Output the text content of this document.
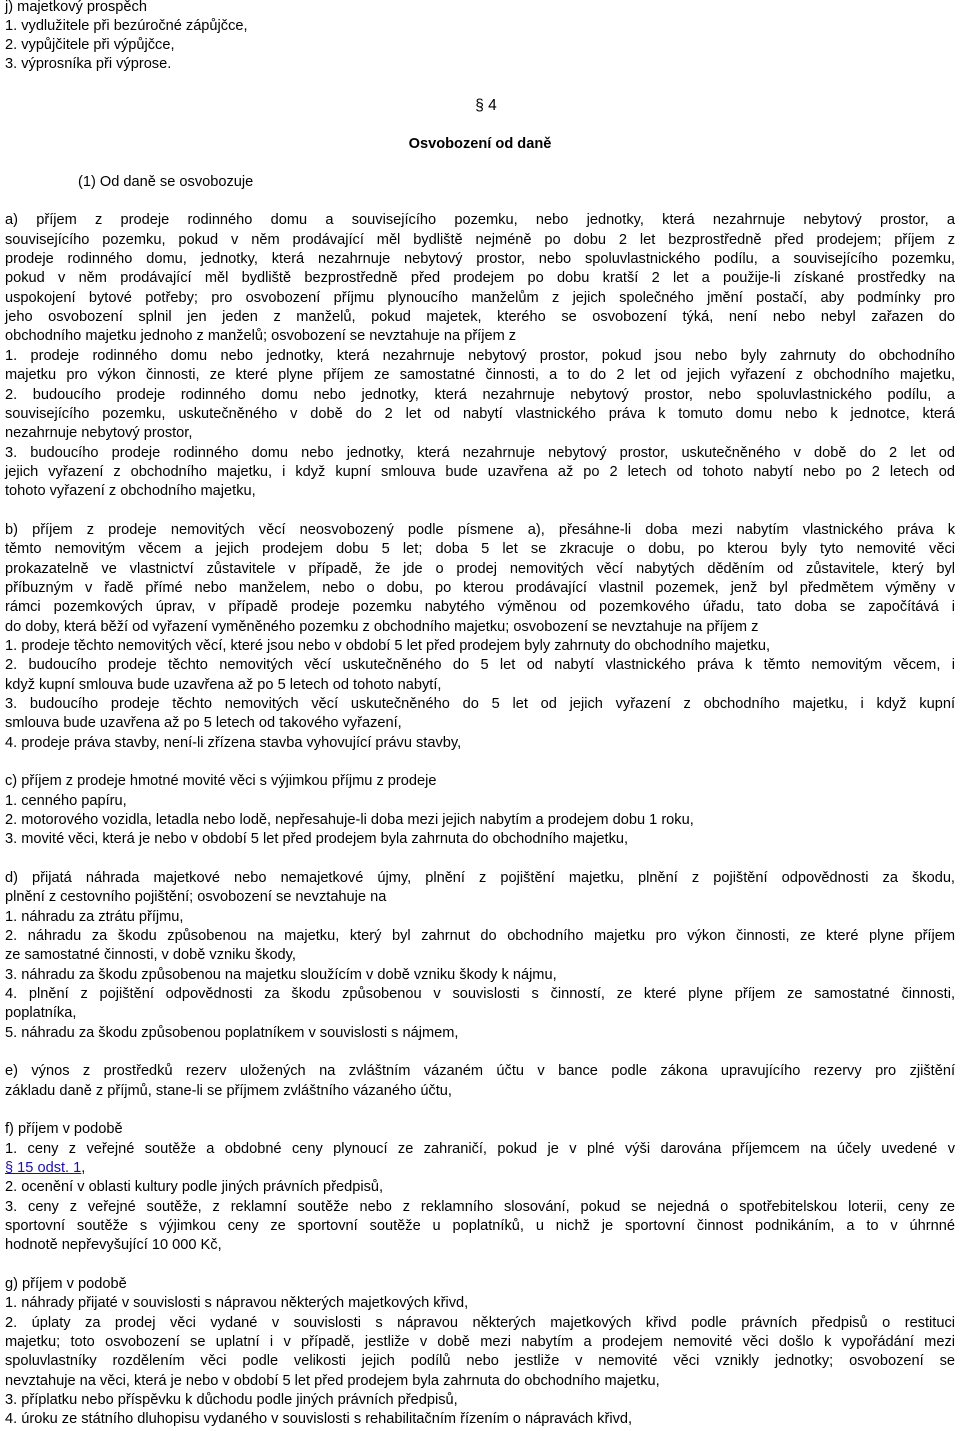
j) majetkový prospěch
1. vydlužitele při bezúročné zápůjčce,
2. vypůjčitele při výpůjčce,
3. výprosníka při výprose.
§ 4
Osvobození od daně
(1) Od daně se osvobozuje
a) příjem z prodeje rodinného domu a souvisejícího pozemku, nebo jednotky, která nezahrnuje nebytový prostor, a
souvisejícího pozemku, pokud v něm prodávající měl bydliště nejméně po dobu 2 let bezprostředně před prodejem; příjem z
prodeje rodinného domu, jednotky, která nezahrnuje nebytový prostor, nebo spoluvlastnického podílu, a souvisejícího pozemku,
pokud v něm prodávající měl bydliště bezprostředně před prodejem po dobu kratší 2 let a použije-li získané prostředky na
uspokojení bytové potřeby; pro osvobození příjmu plynoucího manželům z jejich společného jmění postačí, aby podmínky pro
jeho osvobození splnil jen jeden z manželů, pokud majetek, kterého se osvobození týká, není nebo nebyl zařazen do
obchodního majetku jednoho z manželů; osvobození se nevztahuje na příjem z
1. prodeje rodinného domu nebo jednotky, která nezahrnuje nebytový prostor, pokud jsou nebo byly zahrnuty do obchodního
majetku pro výkon činnosti, ze které plyne příjem ze samostatné činnosti, a to do 2 let od jejich vyřazení z obchodního majetku,
2. budoucího prodeje rodinného domu nebo jednotky, která nezahrnuje nebytový prostor, nebo spoluvlastnického podílu, a
souvisejícího pozemku, uskutečněného v době do 2 let od nabytí vlastnického práva k tomuto domu nebo k jednotce, která
nezahrnuje nebytový prostor,
3. budoucího prodeje rodinného domu nebo jednotky, která nezahrnuje nebytový prostor, uskutečněného v době do 2 let od
jejich vyřazení z obchodního majetku, i když kupní smlouva bude uzavřena až po 2 letech od tohoto nabytí nebo po 2 letech od
tohoto vyřazení z obchodního majetku,
b) příjem z prodeje nemovitých věcí neosvobozený podle písmene a), přesáhne-li doba mezi nabytím vlastnického práva k
těmto nemovitým věcem a jejich prodejem dobu 5 let; doba 5 let se zkracuje o dobu, po kterou byly tyto nemovité věci
prokazatelně ve vlastnictví zůstavitele v případě, že jde o prodej nemovitých věcí nabytých děděním od zůstavitele, který byl
příbuzným v řadě přímé nebo manželem, nebo o dobu, po kterou prodávající vlastnil pozemek, jenž byl předmětem výměny v
rámci pozemkových úprav, v případě prodeje pozemku nabytého výměnou od pozemkového úřadu, tato doba se započítává i
do doby, která běží od vyřazení vyměněného pozemku z obchodního majetku; osvobození se nevztahuje na příjem z
1. prodeje těchto nemovitých věcí, které jsou nebo v období 5 let před prodejem byly zahrnuty do obchodního majetku,
2. budoucího prodeje těchto nemovitých věcí uskutečněného do 5 let od nabytí vlastnického práva k těmto nemovitým věcem, i
když kupní smlouva bude uzavřena až po 5 letech od tohoto nabytí,
3. budoucího prodeje těchto nemovitých věcí uskutečněného do 5 let od jejich vyřazení z obchodního majetku, i když kupní
smlouva bude uzavřena až po 5 letech od takového vyřazení,
4. prodeje práva stavby, není-li zřízena stavba vyhovující právu stavby,
c) příjem z prodeje hmotné movité věci s výjimkou příjmu z prodeje
1. cenného papíru,
2. motorového vozidla, letadla nebo lodě, nepřesahuje-li doba mezi jejich nabytím a prodejem dobu 1 roku,
3. movité věci, která je nebo v období 5 let před prodejem byla zahrnuta do obchodního majetku,
d) přijatá náhrada majetkové nebo nemajetkové újmy, plnění z pojištění majetku, plnění z pojištění odpovědnosti za škodu,
plnění z cestovního pojištění; osvobození se nevztahuje na
1. náhradu za ztrátu příjmu,
2. náhradu za škodu způsobenou na majetku, který byl zahrnut do obchodního majetku pro výkon činnosti, ze které plyne příjem
ze samostatné činnosti, v době vzniku škody,
3. náhradu za škodu způsobenou na majetku sloužícím v době vzniku škody k nájmu,
4. plnění z pojištění odpovědnosti za škodu způsobenou v souvislosti s činností, ze které plyne příjem ze samostatné činnosti,
poplatníka,
5. náhradu za škodu způsobenou poplatníkem v souvislosti s nájmem,
e) výnos z prostředků rezerv uložených na zvláštním vázaném účtu v bance podle zákona upravujícího rezervy pro zjištění
základu daně z příjmů, stane-li se příjmem zvláštního vázaného účtu,
f) příjem v podobě
1. ceny z veřejné soutěže a obdobné ceny plynoucí ze zahraničí, pokud je v plné výši darována příjemcem na účely uvedené v
§ 15 odst. 1,
2. ocenění v oblasti kultury podle jiných právních předpisů,
3. ceny z veřejné soutěže, z reklamní soutěže nebo z reklamního slosování, pokud se nejedná o spotřebitelskou loterii, ceny ze
sportovní soutěže s výjimkou ceny ze sportovní soutěže u poplatníků, u nichž je sportovní činnost podnikáním, a to v úhrnné
hodnotě nepřevyšující 10 000 Kč,
g) příjem v podobě
1. náhrady přijaté v souvislosti s nápravou některých majetkových křivd,
2. úplaty za prodej věci vydané v souvislosti s nápravou některých majetkových křivd podle právních předpisů o restituci
majetku; toto osvobození se uplatní i v případě, jestliže v době mezi nabytím a prodejem nemovité věci došlo k vypořádání mezi
spoluvlastníky rozdělením věci podle velikosti jejich podílů nebo jestliže v nemovité věci vznikly jednotky; osvobození se
nevztahuje na věci, která je nebo v období 5 let před prodejem byla zahrnuta do obchodního majetku,
3. příplatku nebo příspěvku k důchodu podle jiných právních předpisů,
4. úroku ze státního dluhopisu vydaného v souvislosti s rehabilitačním řízením o nápravách křivd,
